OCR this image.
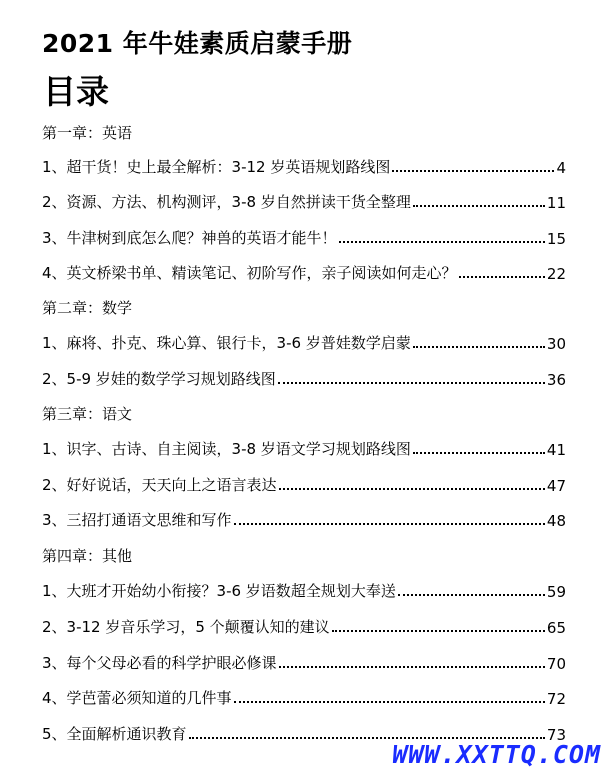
2021 年牛娃素质启蒙手册
目录
第一章：英语
1、超干货！史上最全解析：3-12 岁英语规划路线图	4
2、资源、方法、机构测评，3-8 岁自然拼读干货全整理	11
3、牛津树到底怎么爬？神兽的英语才能牛！	15
4、英文桥梁书单、精读笔记、初阶写作，亲子阅读如何走心？	22
第二章：数学
1、麻将、扑克、珠心算、银行卡，3-6 岁普娃数学启蒙	30
2、5-9 岁娃的数学学习规划路线图	36
第三章：语文
1、识字、古诗、自主阅读，3-8 岁语文学习规划路线图	41
2、好好说话，天天向上之语言表达	47
3、三招打通语文思维和写作	48
第四章：其他
1、大班才开始幼小衔接？3-6 岁语数超全规划大奉送	59
2、3-12 岁音乐学习，5 个颠覆认知的建议	65
3、每个父母必看的科学护眼必修课	70
4、学芭蕾必须知道的几件事	72
5、全面解析通识教育	73
WWW.XXTTQ.COM
